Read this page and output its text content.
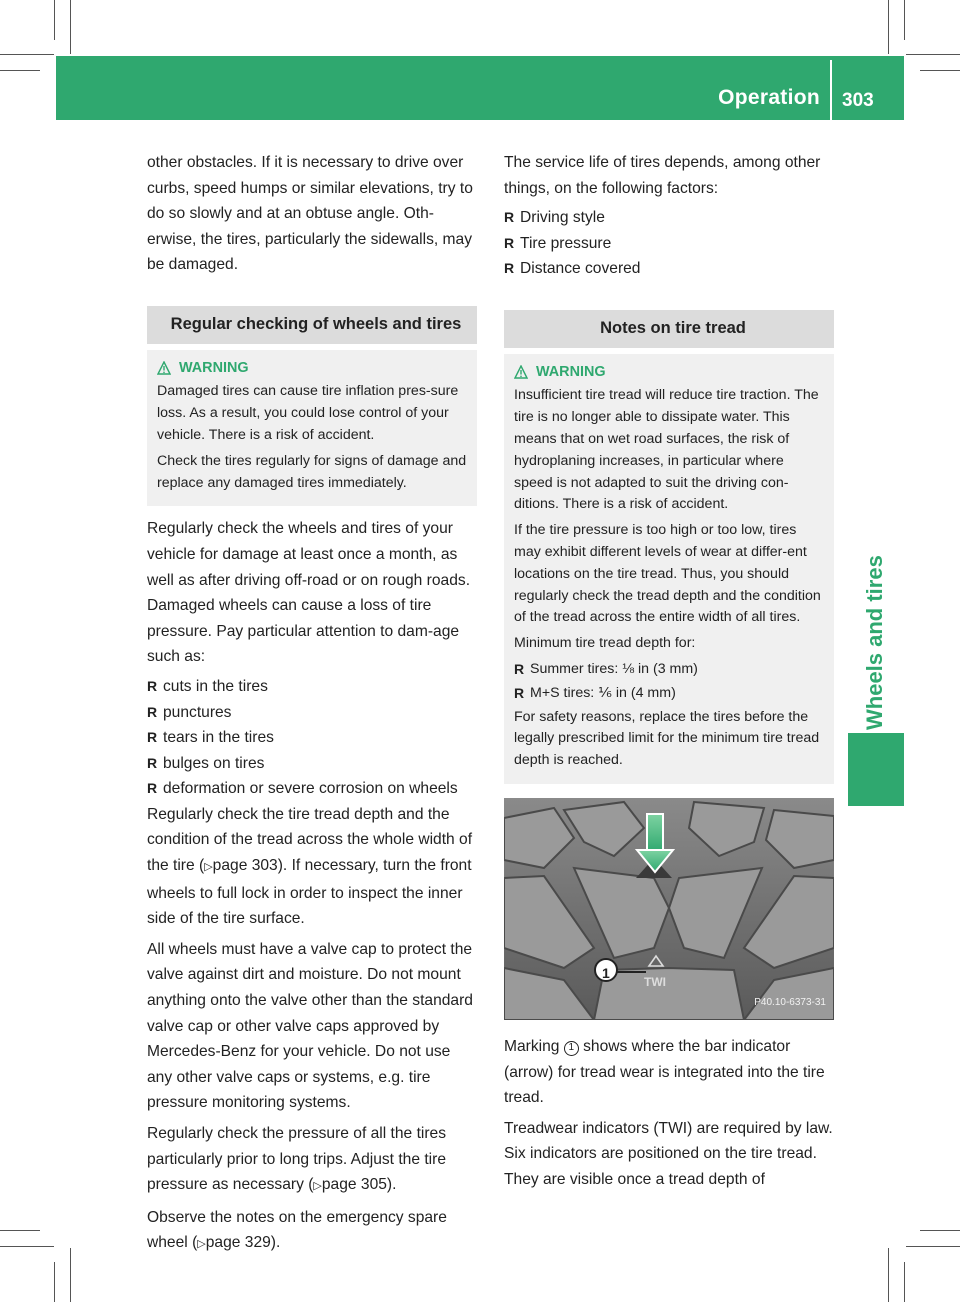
Operation 303
Wheels and tires

other obstacles. If it is necessary to drive over curbs, speed humps or similar elevations, try to do so slowly and at an obtuse angle. Oth-erwise, the tires, particularly the sidewalls, may be damaged.

Regular checking of wheels and tires
WARNING

Damaged tires can cause tire inflation pres-sure loss. As a result, you could lose control of your vehicle. There is a risk of accident.

Check the tires regularly for signs of damage and replace any damaged tires immediately.

Regularly check the wheels and tires of your vehicle for damage at least once a month, as well as after driving off-road or on rough roads. Damaged wheels can cause a loss of tire pressure. Pay particular attention to dam-age such as:

R cuts in the tires
R punctures
R tears in the tires
R bulges on tires
R deformation or severe corrosion on wheels

Regularly check the tire tread depth and the condition of the tread across the whole width of the tire (▷page 303). If necessary, turn the front wheels to full lock in order to inspect the inner side of the tire surface.

All wheels must have a valve cap to protect the valve against dirt and moisture. Do not mount anything onto the valve other than the standard valve cap or other valve caps approved by Mercedes-Benz for your vehicle. Do not use any other valve caps or systems, e.g. tire pressure monitoring systems.

Regularly check the pressure of all the tires particularly prior to long trips. Adjust the tire pressure as necessary (▷page 305).

Observe the notes on the emergency spare wheel (▷page 329).

The service life of tires depends, among other things, on the following factors:

R Driving style
R Tire pressure
R Distance covered
Notes on tire tread
WARNING

Insufficient tire tread will reduce tire traction. The tire is no longer able to dissipate water. This means that on wet road surfaces, the risk of hydroplaning increases, in particular where speed is not adapted to suit the driving con-ditions. There is a risk of accident.

If the tire pressure is too high or too low, tires may exhibit different levels of wear at differ-ent locations on the tire tread. Thus, you should regularly check the tread depth and the condition of the tread across the entire width of all tires.

Minimum tire tread depth for:

R Summer tires: ⅛ in (3 mm)
R M+S tires: ⅙ in (4 mm)

For safety reasons, replace the tires before the legally prescribed limit for the minimum tire tread depth is reached.

1
TWI
P40.10-6373-31

Marking 1 shows where the bar indicator (arrow) for tread wear is integrated into the tire tread.

Treadwear indicators (TWI) are required by law. Six indicators are positioned on the tire tread. They are visible once a tread depth of
